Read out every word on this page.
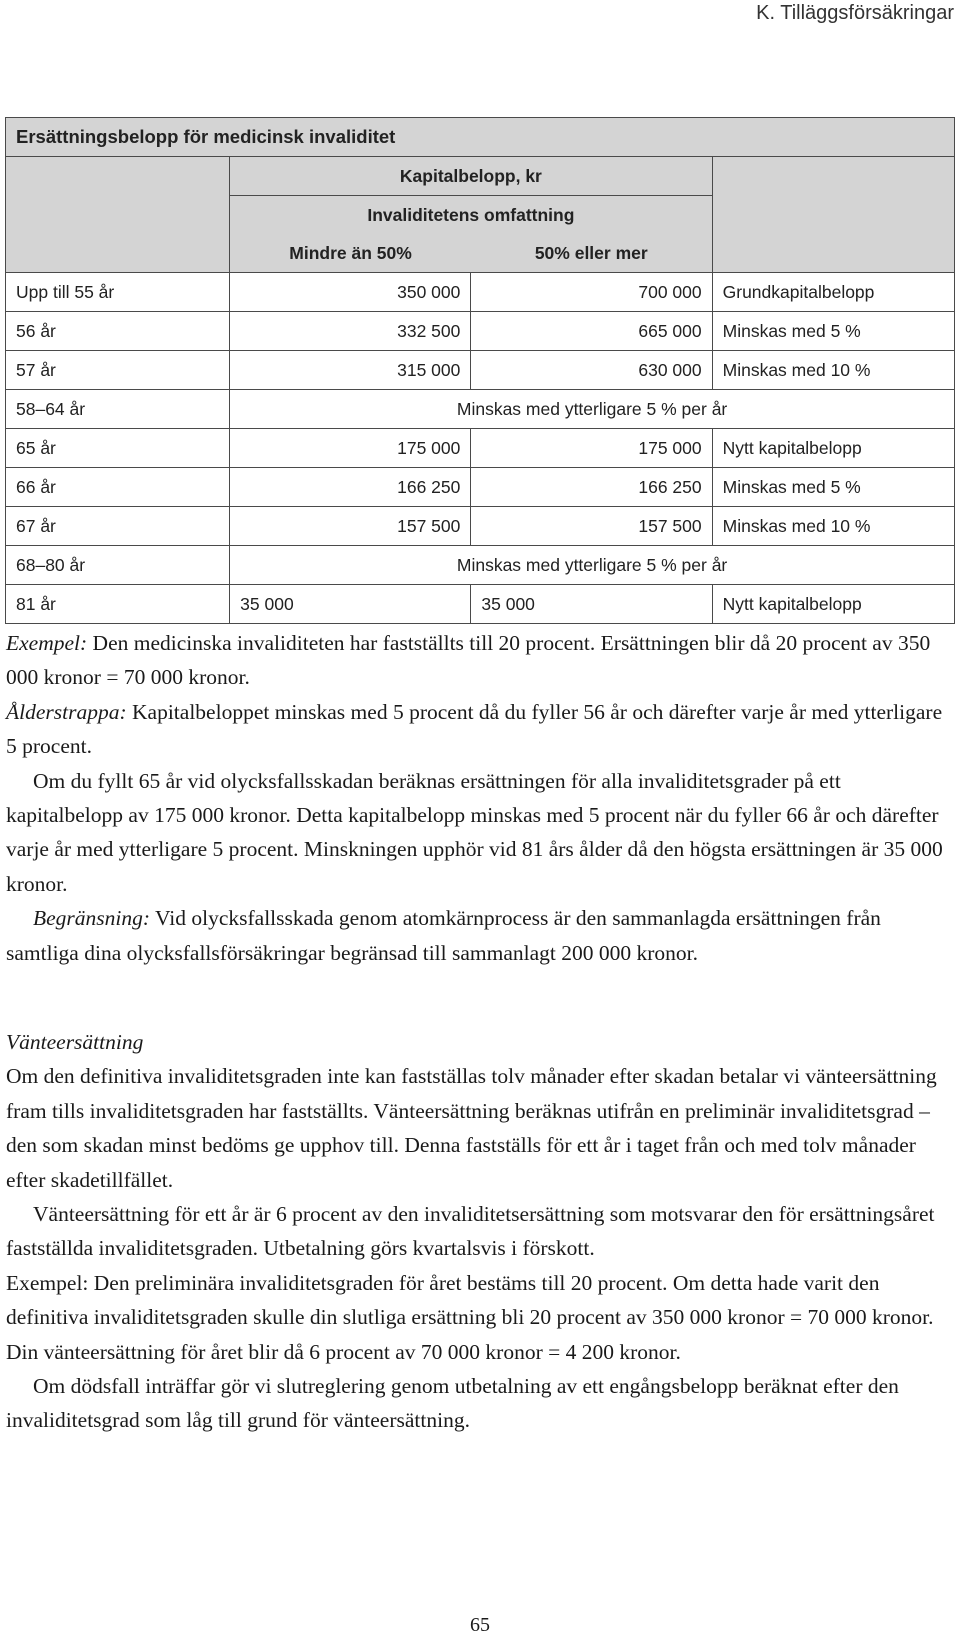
K. Tilläggsförsäkringar
Ersättningsbelopp för medicinsk invaliditet			
	Kapitalbelopp, kr		
	Invaliditetens omfattning		
	Mindre än 50%	50% eller mer	
Upp till 55 år	350 000	700 000	Grundkapitalbelopp
56 år	332 500	665 000	Minskas med 5 %
57 år	315 000	630 000	Minskas med 10 %
58–64 år	Minskas med ytterligare 5 % per år		
65 år	175 000	175 000	Nytt kapitalbelopp
66 år	166 250	166 250	Minskas med 5 %
67 år	157 500	157 500	Minskas med 10 %
68–80 år	Minskas med ytterligare 5 % per år		
81 år	35 000	35 000	Nytt kapitalbelopp

Exempel: Den medicinska invaliditeten har fastställts till 20 procent. Ersättningen blir då 20 procent av 350 000 kronor = 70 000 kronor.

Ålderstrappa: Kapitalbeloppet minskas med 5 procent då du fyller 56 år och därefter varje år med ytterligare 5 procent.

Om du fyllt 65 år vid olycksfallsskadan beräknas ersättningen för alla invaliditetsgrader på ett kapitalbelopp av 175 000 kronor. Detta kapitalbelopp minskas med 5 procent när du fyller 66 år och därefter varje år med ytterligare 5 procent. Minskningen upphör vid 81 års ålder då den högsta ersättningen är 35 000 kronor.

Begränsning: Vid olycksfallsskada genom atomkärnprocess är den sammanlagda ersättningen från samtliga dina olycksfallsförsäkringar begränsad till sammanlagt 200 000 kronor.

Vänteersättning

Om den definitiva invaliditetsgraden inte kan fastställas tolv månader efter skadan betalar vi vänteersättning fram tills invaliditetsgraden har fastställts. Vänteersättning beräknas utifrån en preliminär invaliditetsgrad – den som skadan minst bedöms ge upphov till. Denna fastställs för ett år i taget från och med tolv månader efter skadetillfället.

Vänteersättning för ett år är 6 procent av den invaliditetsersättning som motsvarar den för ersättningsåret fastställda invaliditetsgraden. Utbetalning görs kvartalsvis i förskott.

Exempel: Den preliminära invaliditetsgraden för året bestäms till 20 procent. Om detta hade varit den definitiva invaliditetsgraden skulle din slutliga ersättning bli 20 procent av 350 000 kronor = 70 000 kronor. Din vänteersättning för året blir då 6 procent av 70 000 kronor = 4 200 kronor.

Om dödsfall inträffar gör vi slutreglering genom utbetalning av ett engångsbelopp beräknat efter den invaliditetsgrad som låg till grund för vänteersättning.

65
